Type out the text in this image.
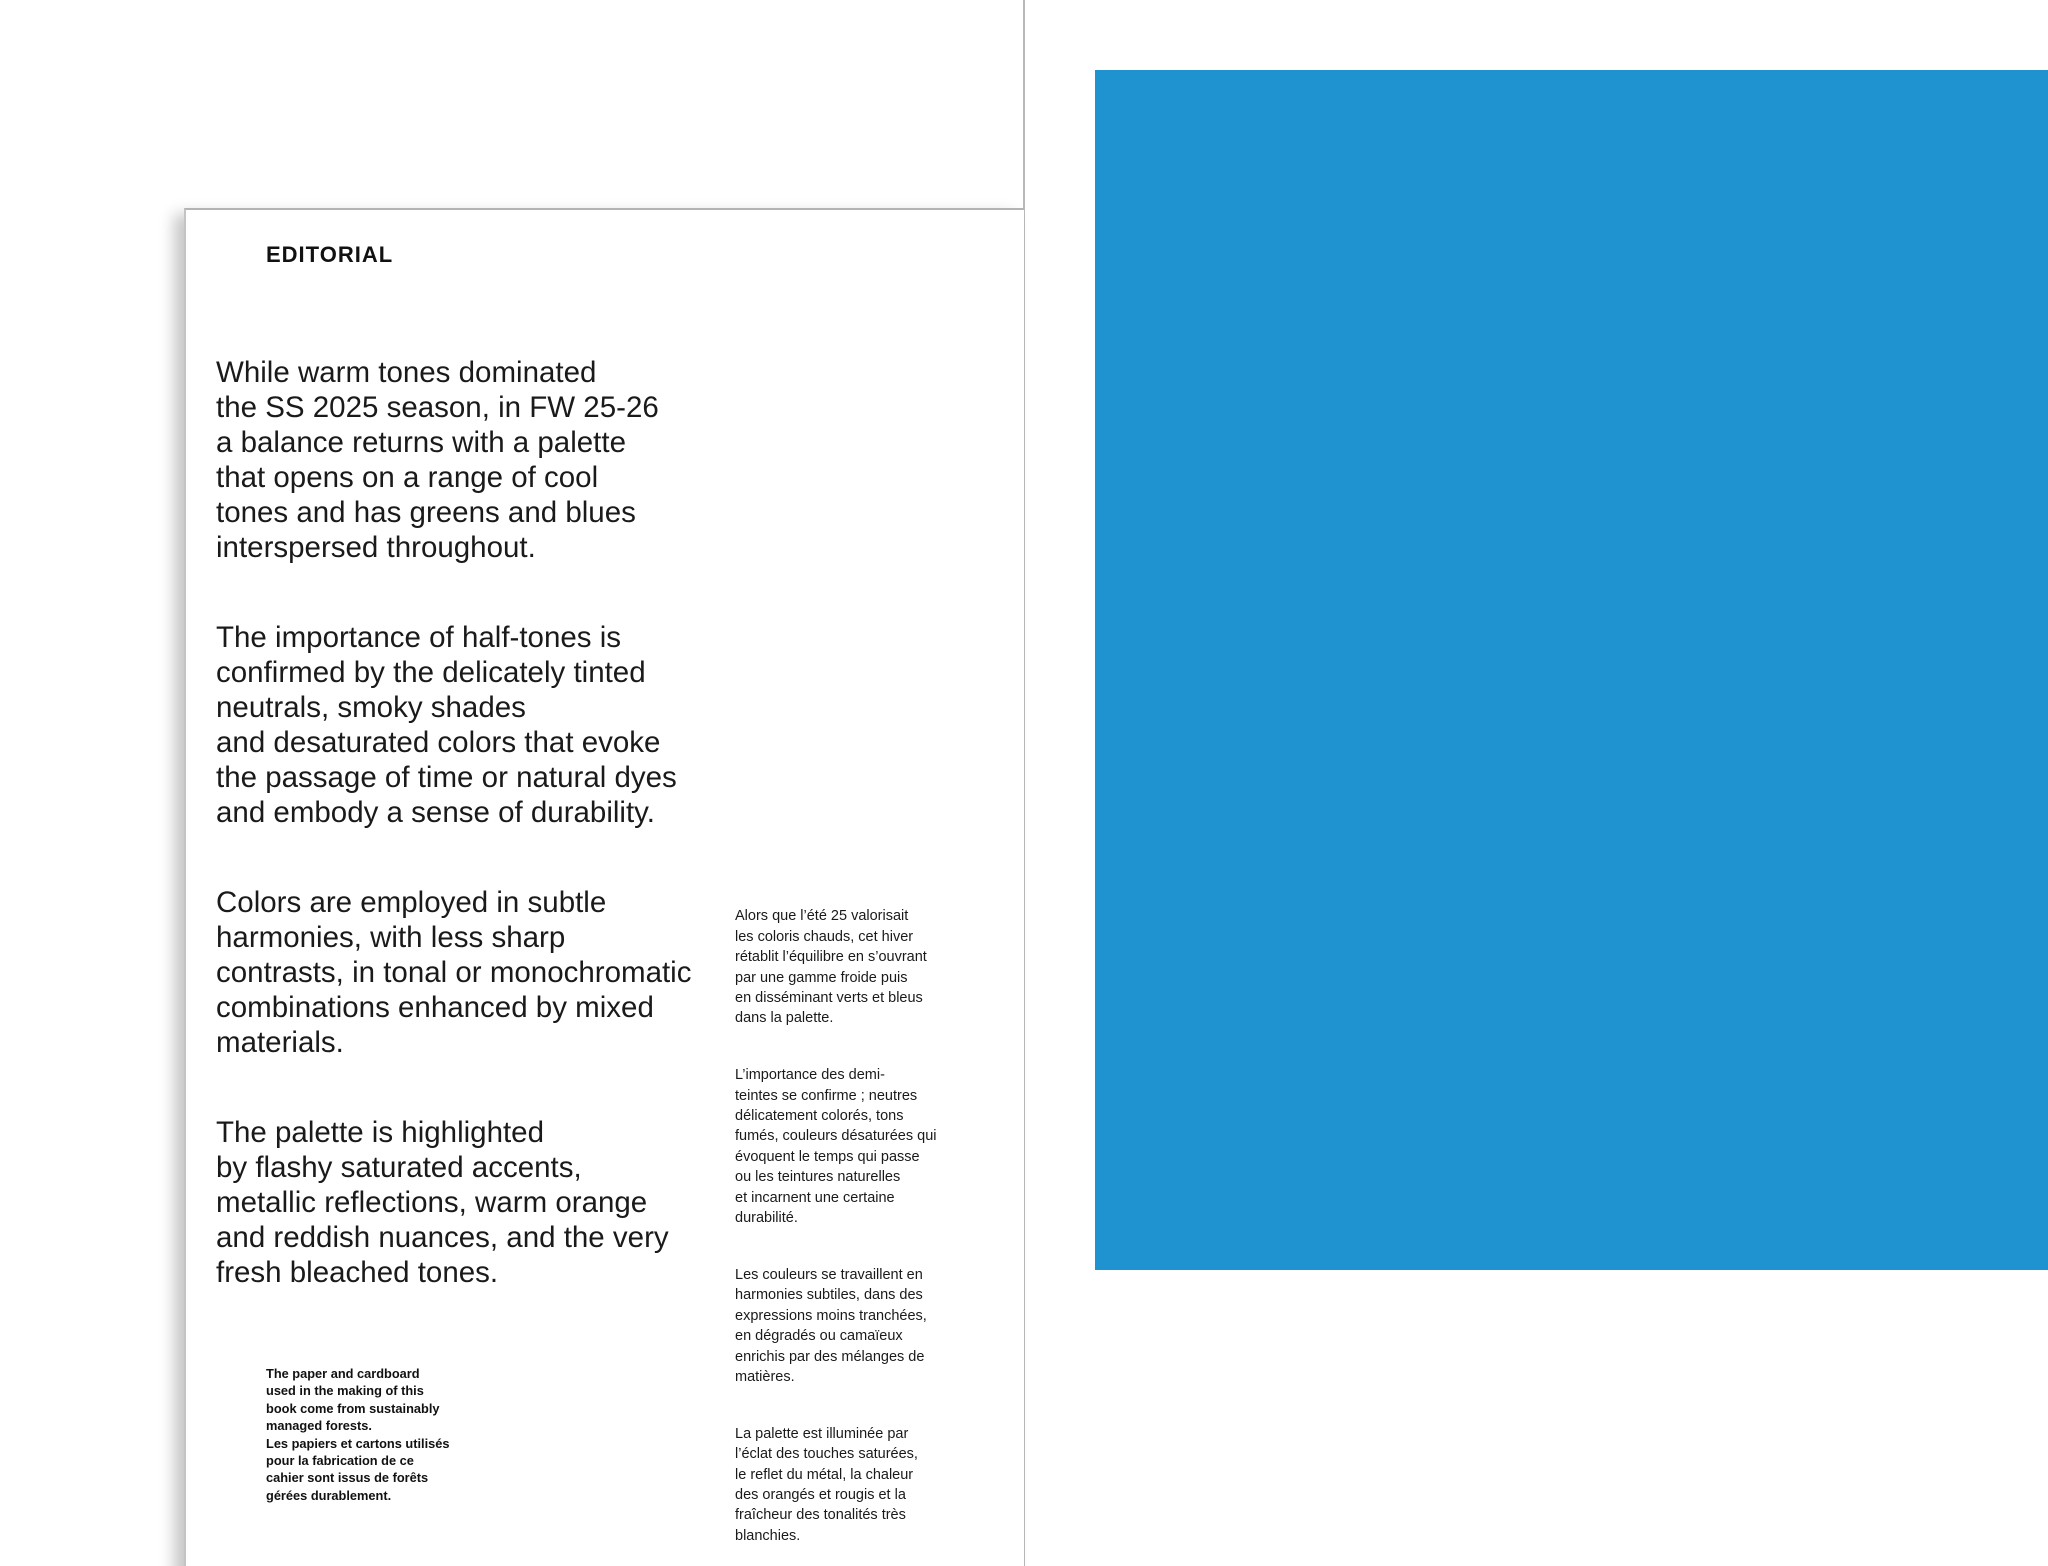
EDITORIAL

While warm tones dominated
the SS 2025 season, in FW 25-26
a balance returns with a palette
that opens on a range of cool
tones and has greens and blues
interspersed throughout.

The importance of half-tones is
confirmed by the delicately tinted
neutrals, smoky shades
and desaturated colors that evoke
the passage of time or natural dyes
and embody a sense of durability.

Colors are employed in subtle
harmonies, with less sharp
contrasts, in tonal or monochromatic
combinations enhanced by mixed
materials.

The palette is highlighted
by flashy saturated accents,
metallic reflections, warm orange
and reddish nuances, and the very
fresh bleached tones.

Alors que l’été 25 valorisait
les coloris chauds, cet hiver
rétablit l’équilibre en s’ouvrant
par une gamme froide puis
en disséminant verts et bleus
dans la palette.

L’importance des demi-
teintes se confirme ; neutres
délicatement colorés, tons
fumés, couleurs désaturées qui
évoquent le temps qui passe
ou les teintures naturelles
et incarnent une certaine
durabilité.

Les couleurs se travaillent en
harmonies subtiles, dans des
expressions moins tranchées,
en dégradés ou camaïeux
enrichis par des mélanges de
matières.

La palette est illuminée par
l’éclat des touches saturées,
le reflet du métal, la chaleur
des orangés et rougis et la
fraîcheur des tonalités très
blanchies.

The paper and cardboard
used in the making of this
book come from sustainably
managed forests.
Les papiers et cartons utilisés
pour la fabrication de ce
cahier sont issus de forêts
gérées durablement.
